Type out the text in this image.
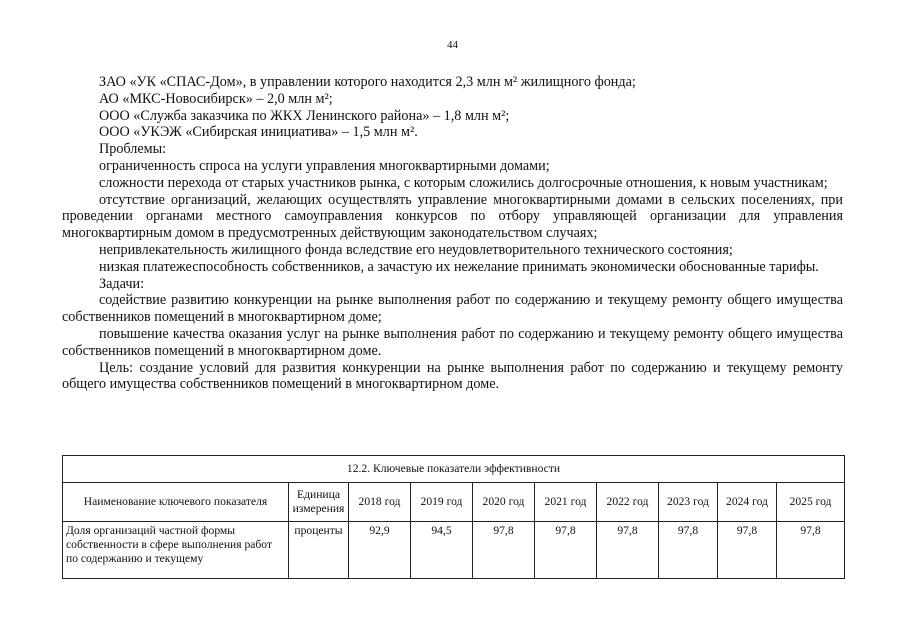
44

ЗАО «УК «СПАС-Дом», в управлении которого находится 2,3 млн м² жилищного фонда;

АО «МКС-Новосибирск» – 2,0 млн м²;

ООО «Служба заказчика по ЖКХ Ленинского района» – 1,8 млн м²;

ООО «УКЭЖ «Сибирская инициатива» – 1,5 млн м².

Проблемы:

ограниченность спроса на услуги управления многоквартирными домами;

сложности перехода от старых участников рынка, с которым сложились долгосрочные отношения, к новым участникам;

отсутствие организаций, желающих осуществлять управление многоквартирными домами в сельских поселениях, при проведении органами местного самоуправления конкурсов по отбору управляющей организации для управления многоквартирным домом в предусмотренных действующим законодательством случаях;

непривлекательность жилищного фонда вследствие его неудовлетворительного технического состояния;

низкая платежеспособность собственников, а зачастую их нежелание принимать экономически обоснованные тарифы.

Задачи:

содействие развитию конкуренции на рынке выполнения работ по содержанию и текущему ремонту общего имущества собственников помещений в многоквартирном доме;

повышение качества оказания услуг на рынке выполнения работ по содержанию и текущему ремонту общего имущества собственников помещений в многоквартирном доме.

Цель: создание условий для развития конкуренции на рынке выполнения работ по содержанию и текущему ремонту общего имущества собственников помещений в многоквартирном доме.

12.2. Ключевые показатели эффективности									
Наименование ключевого показателя	Единица измерения	2018 год	2019 год	2020 год	2021 год	2022 год	2023 год	2024 год	2025 год
Доля организаций частной формы собственности в сфере выполнения работ по содержанию и текущему	проценты	92,9	94,5	97,8	97,8	97,8	97,8	97,8	97,8
